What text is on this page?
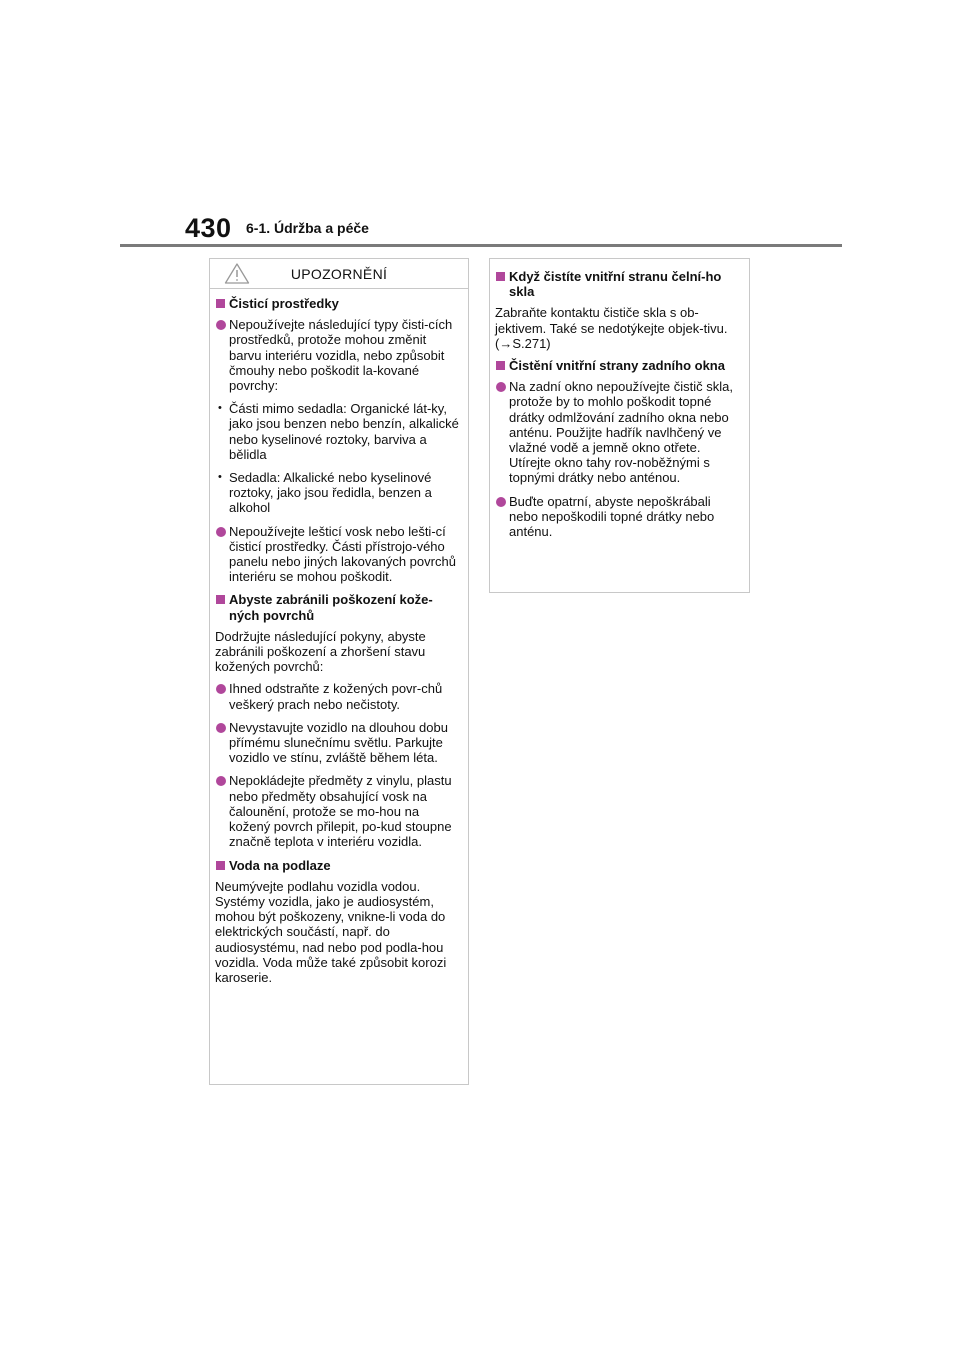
430 6-1. Údržba a péče
UPOZORNĚNÍ
Čisticí prostředky
Nepoužívejte následující typy čisti-cích prostředků, protože mohou změnit barvu interiéru vozidla, nebo způsobit čmouhy nebo poškodit la-kované povrchy:
• Části mimo sedadla: Organické lát-ky, jako jsou benzen nebo benzín, alkalické nebo kyselinové roztoky, barviva a bělidla
• Sedadla: Alkalické nebo kyselinové roztoky, jako jsou ředidla, benzen a alkohol
Nepoužívejte lešticí vosk nebo lešti-cí čisticí prostředky. Části přístrojo-vého panelu nebo jiných lakovaných povrchů interiéru se mohou poškodit.
Abyste zabránili poškození kože-ných povrchů
Dodržujte následující pokyny, abyste zabránili poškození a zhoršení stavu kožených povrchů:
Ihned odstraňte z kožených povr-chů veškerý prach nebo nečistoty.
Nevystavujte vozidlo na dlouhou dobu přímému slunečnímu světlu. Parkujte vozidlo ve stínu, zvláště během léta.
Nepokládejte předměty z vinylu, plastu nebo předměty obsahující vosk na čalounění, protože se mo-hou na kožený povrch přilepit, po-kud stoupne značně teplota v interiéru vozidla.
Voda na podlaze
Neumývejte podlahu vozidla vodou. Systémy vozidla, jako je audiosystém, mohou být poškozeny, vnikne-li voda do elektrických součástí, např. do audiosystému, nad nebo pod podla-hou vozidla. Voda může také způsobit korozi karoserie.
Když čistíte vnitřní stranu čelní-ho skla
Zabraňte kontaktu čističe skla s ob-jektivem. Také se nedotýkejte objek-tivu. (→S.271)
Čistění vnitřní strany zadního okna
Na zadní okno nepoužívejte čistič skla, protože by to mohlo poškodit topné drátky odmlžování zadního okna nebo anténu. Použijte hadřík navlhčený ve vlažné vodě a jemně okno otřete. Utírejte okno tahy rov-noběžnými s topnými drátky nebo anténou.
Buďte opatrní, abyste nepoškrábali nebo nepoškodili topné drátky nebo anténu.
